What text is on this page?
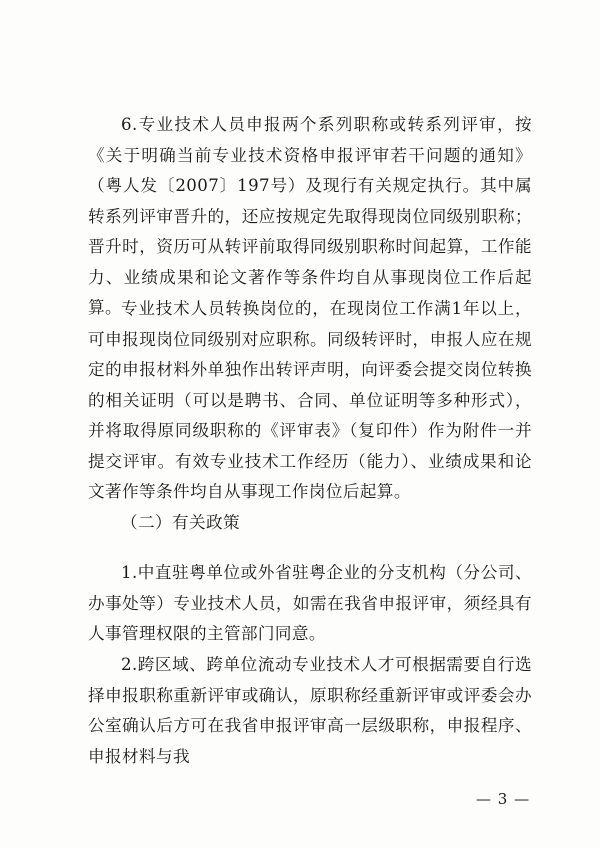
6.专业技术人员申报两个系列职称或转系列评审，按《关于明确当前专业技术资格申报评审若干问题的通知》（粤人发〔2007〕197号）及现行有关规定执行。其中属转系列评审晋升的，还应按规定先取得现岗位同级别职称；晋升时，资历可从转评前取得同级别职称时间起算，工作能力、业绩成果和论文著作等条件均自从事现岗位工作后起算。 专业技术人员转换岗位的，在现岗位工作满1年以上，可申报现岗位同级别对应职称。同级转评时，申报人应在规定的申报材料外单独作出转评声明，向评委会提交岗位转换的相关证明（可以是聘书、合同、单位证明等多种形式），并将取得原同级职称的《评审表》（复印件）作为附件一并提交评审。有效专业技术工作经历（能力）、业绩成果和论文著作等条件均自从事现工作岗位后起算。

（二）有关政策

1.中直驻粤单位或外省驻粤企业的分支机构（分公司、办事处等）专业技术人员，如需在我省申报评审，须经具有人事管理权限的主管部门同意。

2.跨区域、跨单位流动专业技术人才可根据需要自行选择申报职称重新评审或确认，原职称经重新评审或评委会办公室确认后方可在我省申报评审高一层级职称，申报程序、申报材料与我

— 3 —
